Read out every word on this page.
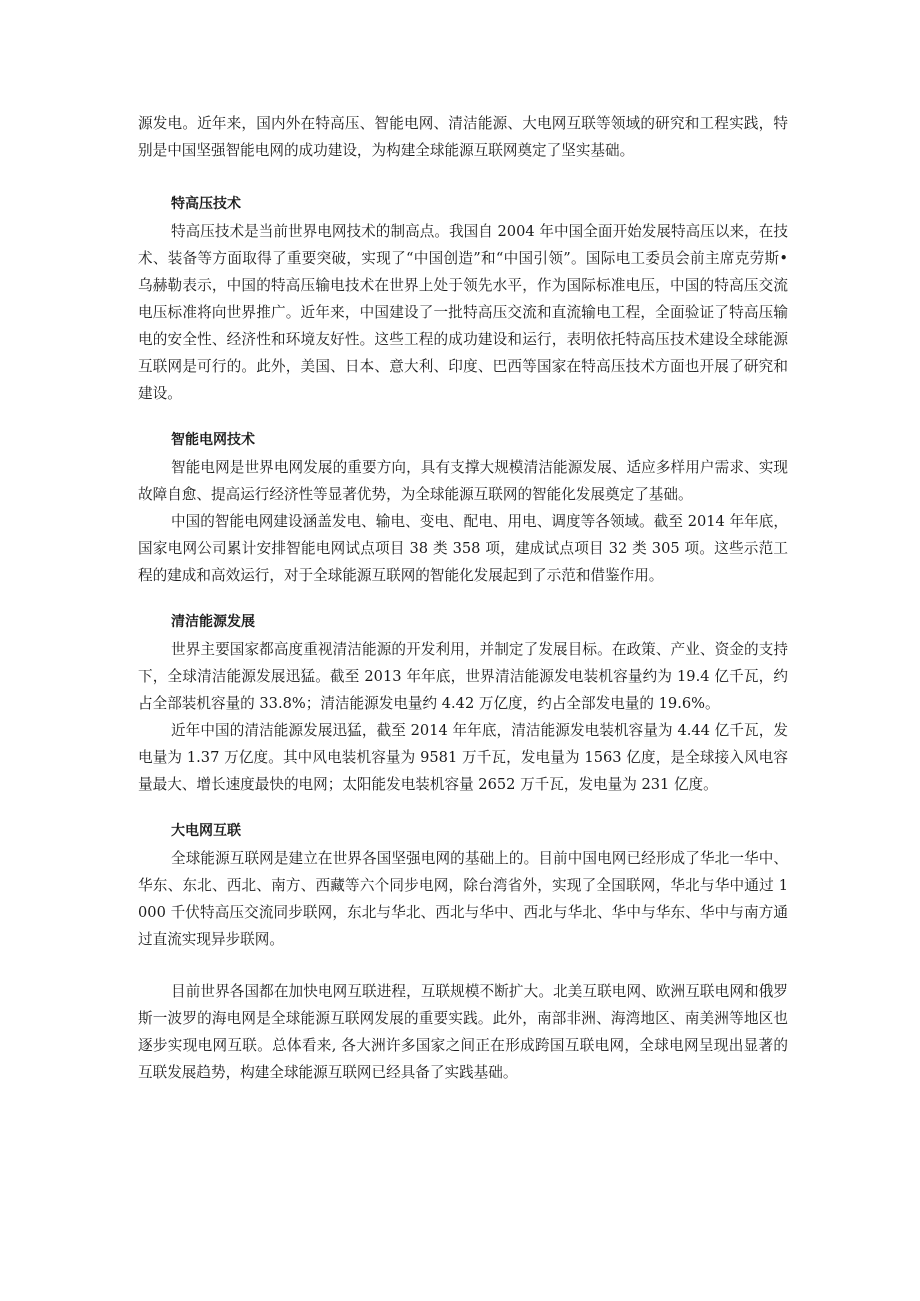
源发电。近年来，国内外在特高压、智能电网、清洁能源、大电网互联等领域的研究和工程实践，特别是中国坚强智能电网的成功建设，为构建全球能源互联网奠定了坚实基础。

特高压技术

特高压技术是当前世界电网技术的制高点。我国自 2004 年中国全面开始发展特高压以来，在技术、装备等方面取得了重要突破，实现了“中国创造”和“中国引领”。国际电工委员会前主席克劳斯•乌赫勒表示，中国的特高压输电技术在世界上处于领先水平，作为国际标准电压，中国的特高压交流电压标准将向世界推广。近年来，中国建设了一批特高压交流和直流输电工程，全面验证了特高压输电的安全性、经济性和环境友好性。这些工程的成功建设和运行，表明依托特高压技术建设全球能源互联网是可行的。此外，美国、日本、意大利、印度、巴西等国家在特高压技术方面也开展了研究和建设。

智能电网技术

智能电网是世界电网发展的重要方向，具有支撑大规模清洁能源发展、适应多样用户需求、实现故障自愈、提高运行经济性等显著优势，为全球能源互联网的智能化发展奠定了基础。

中国的智能电网建设涵盖发电、输电、变电、配电、用电、调度等各领域。截至 2014 年年底，国家电网公司累计安排智能电网试点项目 38 类 358 项，建成试点项目 32 类 305 项。这些示范工程的建成和高效运行，对于全球能源互联网的智能化发展起到了示范和借鉴作用。

清洁能源发展

世界主要国家都高度重视清洁能源的开发利用，并制定了发展目标。在政策、产业、资金的支持下，全球清洁能源发展迅猛。截至 2013 年年底，世界清洁能源发电装机容量约为 19.4 亿千瓦，约占全部装机容量的 33.8%；清洁能源发电量约 4.42 万亿度，约占全部发电量的 19.6%。

近年中国的清洁能源发展迅猛，截至 2014 年年底，清洁能源发电装机容量为 4.44 亿千瓦，发电量为 1.37 万亿度。其中风电装机容量为 9581 万千瓦，发电量为 1563 亿度，是全球接入风电容量最大、增长速度最快的电网；太阳能发电装机容量 2652 万千瓦，发电量为 231 亿度。

大电网互联

全球能源互联网是建立在世界各国坚强电网的基础上的。目前中国电网已经形成了华北一华中、华东、东北、西北、南方、西藏等六个同步电网，除台湾省外，实现了全国联网，华北与华中通过 1000 千伏特高压交流同步联网，东北与华北、西北与华中、西北与华北、华中与华东、华中与南方通过直流实现异步联网。

目前世界各国都在加快电网互联进程，互联规模不断扩大。北美互联电网、欧洲互联电网和俄罗斯一波罗的海电网是全球能源互联网发展的重要实践。此外，南部非洲、海湾地区、南美洲等地区也逐步实现电网互联。总体看来, 各大洲许多国家之间正在形成跨国互联电网，全球电网呈现出显著的互联发展趋势，构建全球能源互联网已经具备了实践基础。
